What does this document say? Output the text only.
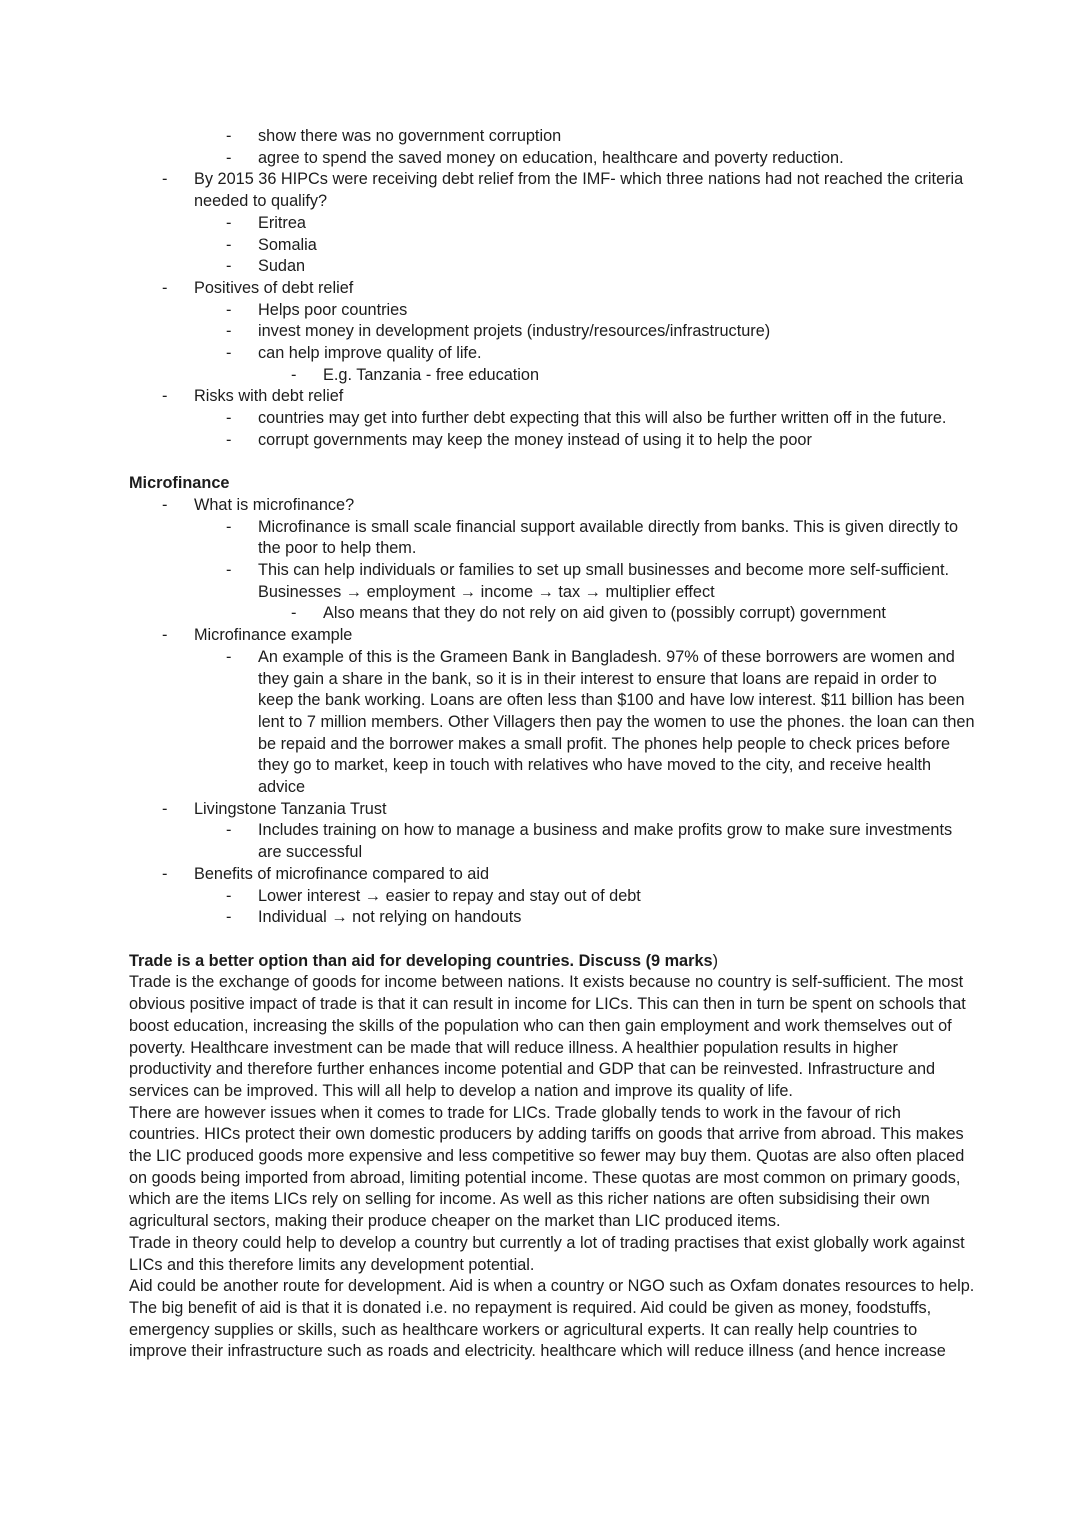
- show there was no government corruption
- agree to spend the saved money on education, healthcare and poverty reduction.
- By 2015 36 HIPCs were receiving debt relief from the IMF- which three nations had not reached the criteria needed to qualify?
- Eritrea
- Somalia
- Sudan
- Positives of debt relief
- Helps poor countries
- invest money in development projets (industry/resources/infrastructure)
- can help improve quality of life.
- E.g. Tanzania - free education
- Risks with debt relief
- countries may get into further debt expecting that this will also be further written off in the future.
- corrupt governments may keep the money instead of using it to help the poor
Microfinance
- What is microfinance?
- Microfinance is small scale financial support available directly from banks. This is given directly to the poor to help them.
- This can help individuals or families to set up small businesses and become more self-sufficient. Businesses → employment → income → tax → multiplier effect
- Also means that they do not rely on aid given to (possibly corrupt) government
- Microfinance example
- An example of this is the Grameen Bank in Bangladesh. 97% of these borrowers are women and they gain a share in the bank, so it is in their interest to ensure that loans are repaid in order to keep the bank working. Loans are often less than $100 and have low interest. $11 billion has been lent to 7 million members. Other Villagers then pay the women to use the phones. the loan can then be repaid and the borrower makes a small profit. The phones help people to check prices before they go to market, keep in touch with relatives who have moved to the city, and receive health advice
- Livingstone Tanzania Trust
- Includes training on how to manage a business and make profits grow to make sure investments are successful
- Benefits of microfinance compared to aid
- Lower interest → easier to repay and stay out of debt
- Individual → not relying on handouts
Trade is a better option than aid for developing countries. Discuss (9 marks)

Trade is the exchange of goods for income between nations. It exists because no country is self-sufficient. The most obvious positive impact of trade is that it can result in income for LICs. This can then in turn be spent on schools that boost education, increasing the skills of the population who can then gain employment and work themselves out of poverty. Healthcare investment can be made that will reduce illness. A healthier population results in higher productivity and therefore further enhances income potential and GDP that can be reinvested. Infrastructure and services can be improved. This will all help to develop a nation and improve its quality of life.

There are however issues when it comes to trade for LICs. Trade globally tends to work in the favour of rich countries. HICs protect their own domestic producers by adding tariffs on goods that arrive from abroad. This makes the LIC produced goods more expensive and less competitive so fewer may buy them. Quotas are also often placed on goods being imported from abroad, limiting potential income. These quotas are most common on primary goods, which are the items LICs rely on selling for income. As well as this richer nations are often subsidising their own agricultural sectors, making their produce cheaper on the market than LIC produced items.

Trade in theory could help to develop a country but currently a lot of trading practises that exist globally work against LICs and this therefore limits any development potential.

Aid could be another route for development. Aid is when a country or NGO such as Oxfam donates resources to help. The big benefit of aid is that it is donated i.e. no repayment is required. Aid could be given as money, foodstuffs, emergency supplies or skills, such as healthcare workers or agricultural experts. It can really help countries to improve their infrastructure such as roads and electricity. healthcare which will reduce illness (and hence increase
